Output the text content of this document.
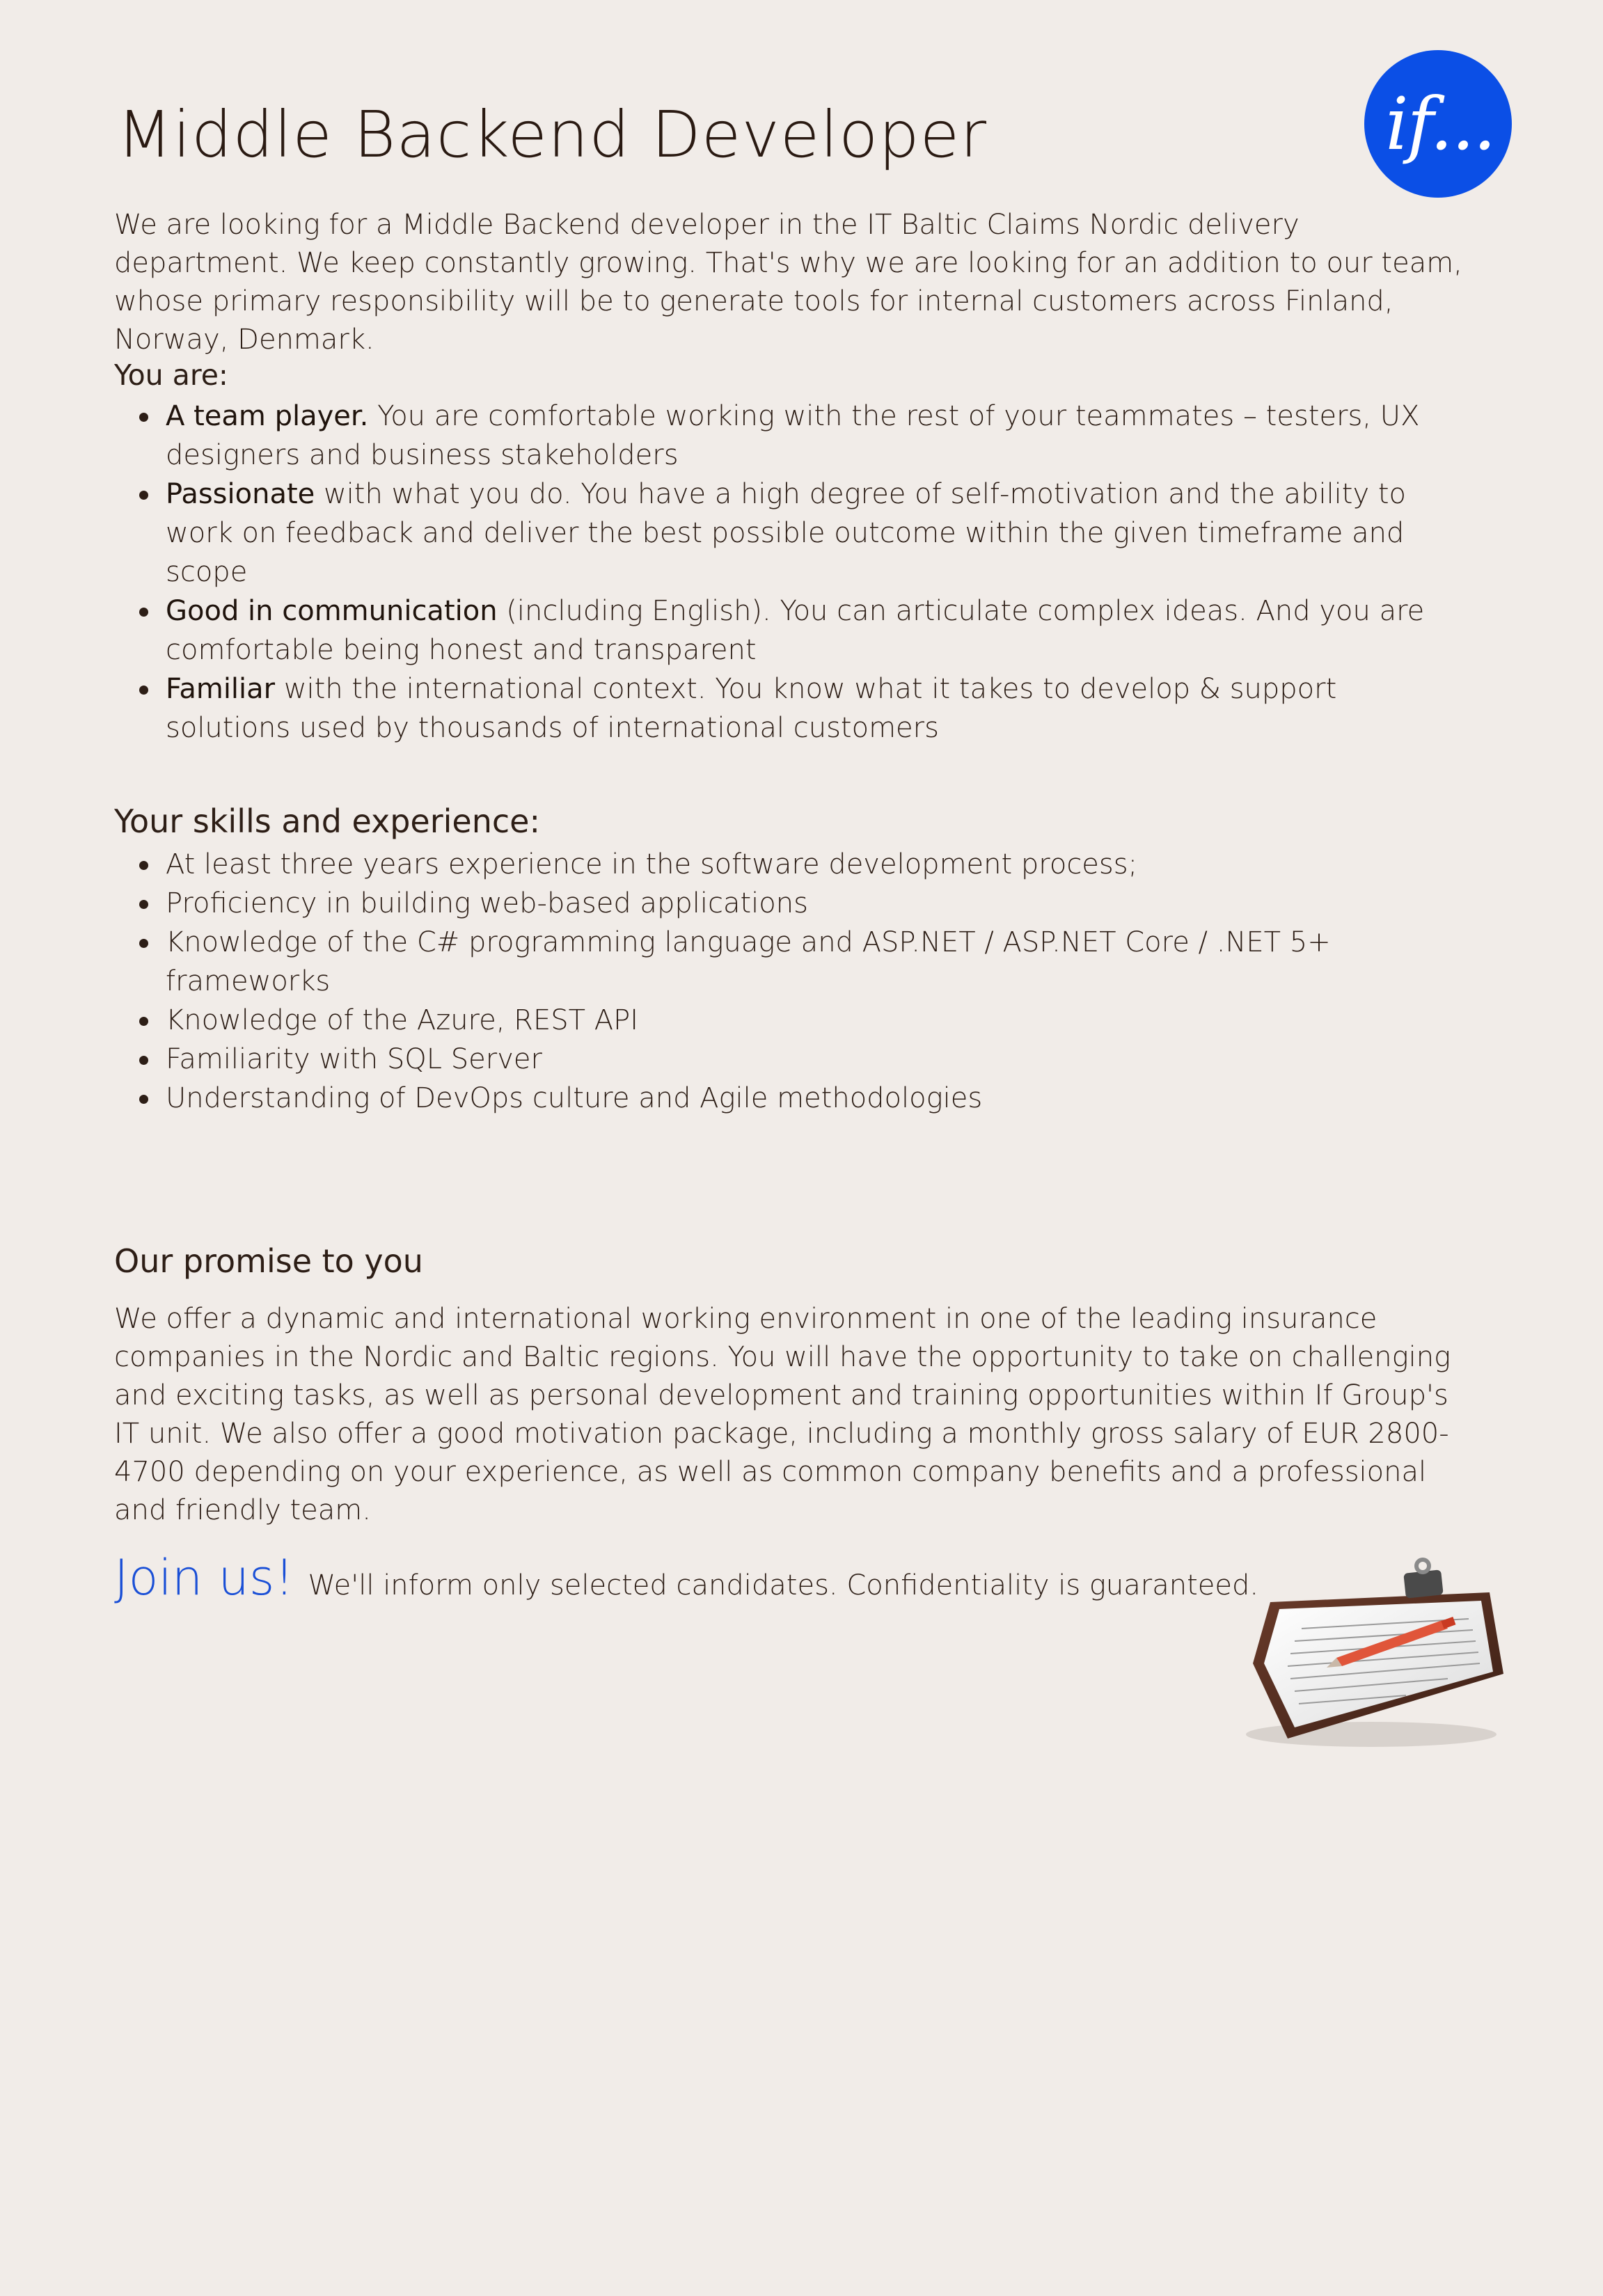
Middle Backend Developer	if...

We are looking for a Middle Backend developer in the IT Baltic Claims Nordic delivery department. We keep constantly growing. That's why we are looking for an addition to our team, whose primary responsibility will be to generate tools for internal customers across Finland, Norway, Denmark.

You are:

A team player. You are comfortable working with the rest of your teammates – testers, UX designers and business stakeholders
Passionate with what you do. You have a high degree of self-motivation and the ability to work on feedback and deliver the best possible outcome within the given timeframe and scope
Good in communication (including English). You can articulate complex ideas. And you are comfortable being honest and transparent
Familiar with the international context. You know what it takes to develop & support solutions used by thousands of international customers
Your skills and experience:
At least three years experience in the software development process;
Proficiency in building web-based applications
Knowledge of the C# programming language and ASP.NET / ASP.NET Core / .NET 5+ frameworks
Knowledge of the Azure, REST API
Familiarity with SQL Server
Understanding of DevOps culture and Agile methodologies
Our promise to you

We offer a dynamic and international working environment in one of the leading insurance companies in the Nordic and Baltic regions. You will have the opportunity to take on challenging and exciting tasks, as well as personal development and training opportunities within If Group's IT unit. We also offer a good motivation package, including a monthly gross salary of EUR 2800-4700 depending on your experience, as well as common company benefits and a professional and friendly team.

Join us! We'll inform only selected candidates. Confidentiality is guaranteed.
